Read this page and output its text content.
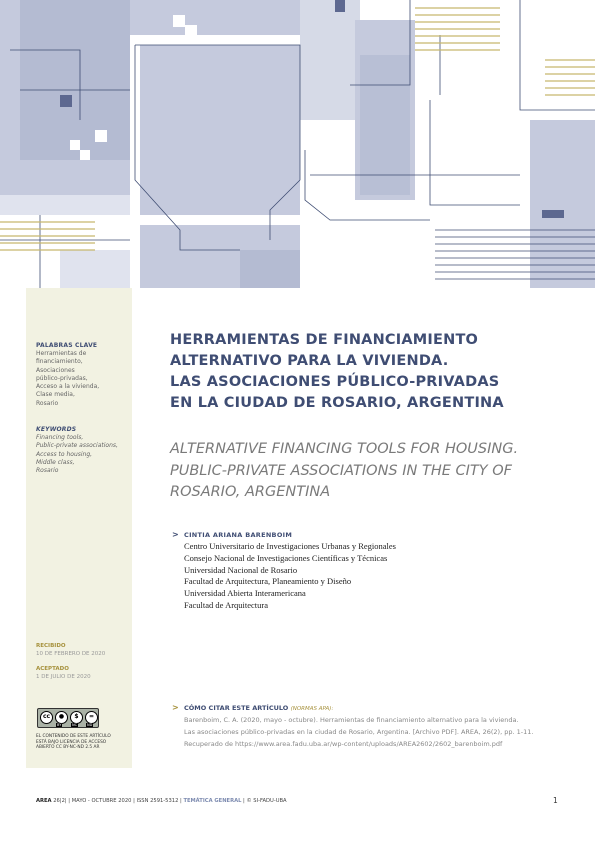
PALABRAS CLAVE
Herramientas de
financiamiento,
Asociaciones
público-privadas,
Acceso a la vivienda,
Clase media,
Rosario
KEYWORDS
Financing tools,
Public-private associations,
Access to housing,
Middle class,
Rosario
RECIBIDO
10 DE FEBRERO DE 2020
ACEPTADO
1 DE JULIO DE 2020
cc	●	$	=
BY	NC	ND
EL CONTENIDO DE ESTE ARTÍCULO
ESTÁ BAJO LICENCIA DE ACCESO
ABIERTO CC BY-NC-ND 2.5 AR
HERRAMIENTAS DE FINANCIAMIENTO
ALTERNATIVO PARA LA VIVIENDA.
LAS ASOCIACIONES PÚBLICO-PRIVADAS
EN LA CIUDAD DE ROSARIO, ARGENTINA
ALTERNATIVE FINANCING TOOLS FOR HOUSING.
PUBLIC-PRIVATE ASSOCIATIONS IN THE CITY OF
ROSARIO, ARGENTINA
> CINTIA ARIANA BARENBOIM
Centro Universitario de Investigaciones Urbanas y Regionales
Consejo Nacional de Investigaciones Científicas y Técnicas
Universidad Nacional de Rosario
Facultad de Arquitectura, Planeamiento y Diseño
Universidad Abierta Interamericana
Facultad de Arquitectura
> CÓMO CITAR ESTE ARTÍCULO (NORMAS APA):
Barenboim, C. A. (2020, mayo - octubre). Herramientas de financiamiento alternativo para la vivienda.
Las asociaciones público-privadas en la ciudad de Rosario, Argentina. [Archivo PDF]. AREA, 26(2), pp. 1-11.
Recuperado de https://www.area.fadu.uba.ar/wp-content/uploads/AREA2602/2602_barenboim.pdf
AREA 26|2| | MAYO - OCTUBRE 2020 | ISSN 2591-5312 | TEMÁTICA GENERAL | © SI-FADU-UBA	1
